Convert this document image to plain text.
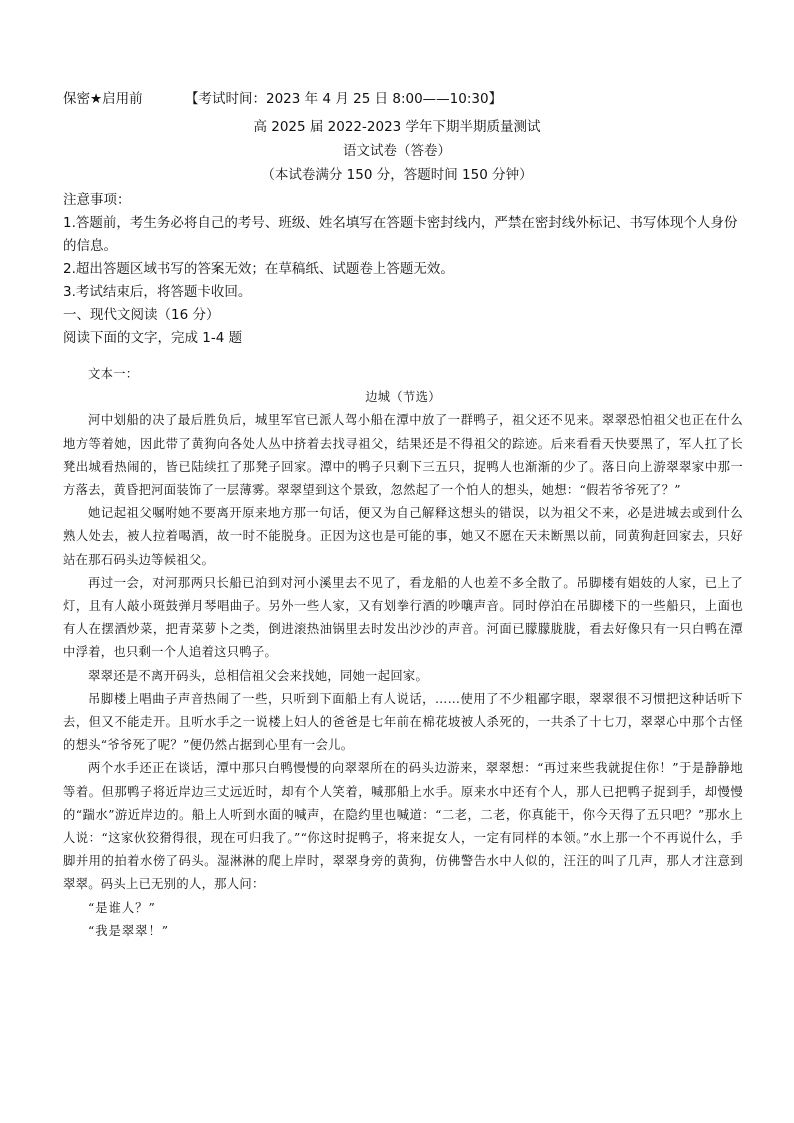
保密★启用前	【考试时间：2023 年 4 月 25 日 8:00——10:30】
高 2025 届 2022-2023 学年下期半期质量测试
语文试卷（答卷）
（本试卷满分 150 分，答题时间 150 分钟）

注意事项：

1.答题前，考生务必将自己的考号、班级、姓名填写在答题卡密封线内，严禁在密封线外标记、书写体现个人身份的信息。

2.超出答题区域书写的答案无效；在草稿纸、试题卷上答题无效。

3.考试结束后，将答题卡收回。

一、现代文阅读（16 分）

阅读下面的文字，完成 1-4 题

文本一：

边城（节选）

河中划船的决了最后胜负后，城里军官已派人驾小船在潭中放了一群鸭子，祖父还不见来。翠翠恐怕祖父也正在什么地方等着她，因此带了黄狗向各处人丛中挤着去找寻祖父，结果还是不得祖父的踪迹。后来看看天快要黑了，军人扛了长凳出城看热闹的，皆已陆续扛了那凳子回家。潭中的鸭子只剩下三五只，捉鸭人也渐渐的少了。落日向上游翠翠家中那一方落去，黄昏把河面装饰了一层薄雾。翠翠望到这个景致，忽然起了一个怕人的想头，她想：“假若爷爷死了？”

她记起祖父嘱咐她不要离开原来地方那一句话，便又为自己解释这想头的错误，以为祖父不来，必是进城去或到什么熟人处去，被人拉着喝酒，故一时不能脱身。正因为这也是可能的事，她又不愿在天未断黑以前，同黄狗赶回家去，只好站在那石码头边等候祖父。

再过一会，对河那两只长船已泊到对河小溪里去不见了，看龙船的人也差不多全散了。吊脚楼有娼妓的人家，已上了灯，且有人敲小斑鼓弹月琴唱曲子。另外一些人家，又有划拳行酒的吵嚷声音。同时停泊在吊脚楼下的一些船只，上面也有人在摆酒炒菜，把青菜萝卜之类，倒进滚热油锅里去时发出沙沙的声音。河面已朦朦胧胧，看去好像只有一只白鸭在潭中浮着，也只剩一个人追着这只鸭子。

翠翠还是不离开码头，总相信祖父会来找她，同她一起回家。

吊脚楼上唱曲子声音热闹了一些，只听到下面船上有人说话，……使用了不少粗鄙字眼，翠翠很不习惯把这种话听下去，但又不能走开。且听水手之一说楼上妇人的爸爸是七年前在棉花坡被人杀死的，一共杀了十七刀，翠翠心中那个古怪的想头“爷爷死了呢？”便仍然占据到心里有一会儿。

两个水手还正在谈话，潭中那只白鸭慢慢的向翠翠所在的码头边游来，翠翠想：“再过来些我就捉住你！”于是静静地等着。但那鸭子将近岸边三丈远近时，却有个人笑着，喊那船上水手。原来水中还有个人，那人已把鸭子捉到手，却慢慢的“踹水”游近岸边的。船上人听到水面的喊声，在隐约里也喊道：“二老，二老，你真能干，你今天得了五只吧？”那水上人说：“这家伙狡猾得很，现在可归我了。”“你这时捉鸭子，将来捉女人，一定有同样的本领。”水上那一个不再说什么，手脚并用的拍着水傍了码头。湿淋淋的爬上岸时，翠翠身旁的黄狗，仿佛警告水中人似的，汪汪的叫了几声，那人才注意到翠翠。码头上已无别的人，那人问：

“是谁人？”

“我是翠翠！”
